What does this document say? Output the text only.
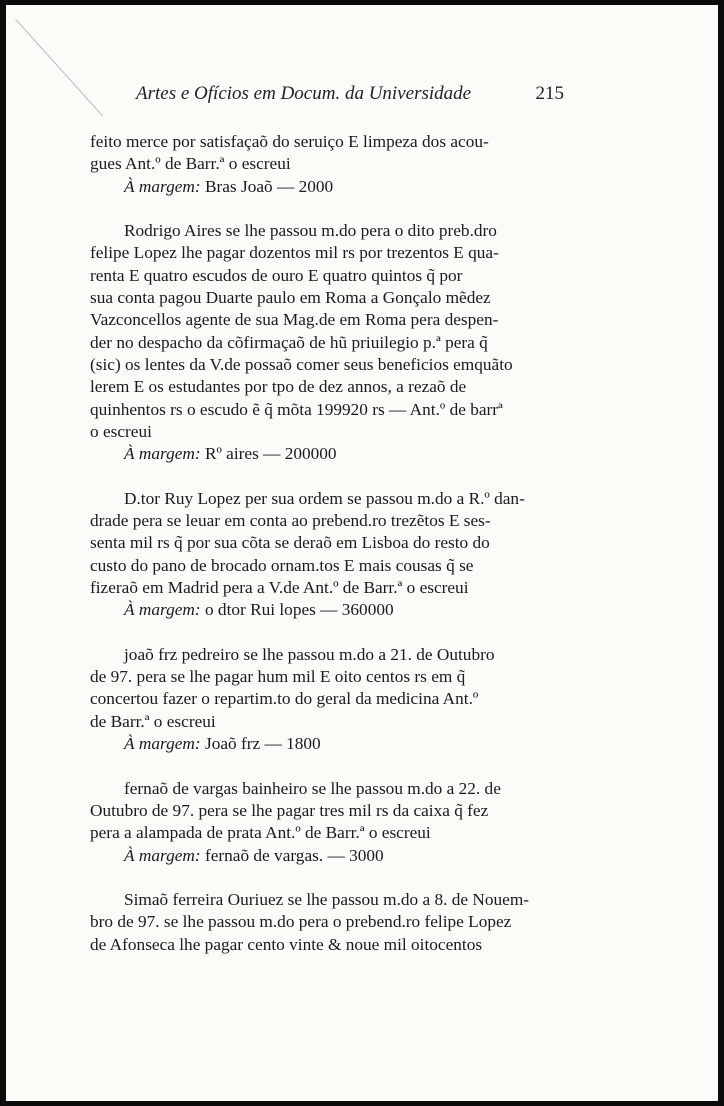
Artes e Ofícios em Docum. da Universidade	215
feito merce por satisfaçaõ do seruiço E limpeza dos acou-
gues Ant.º de Barr.ª o escreui
À margem: Bras Joaõ — 2000
Rodrigo Aires se lhe passou m.do pera o dito preb.dro
felipe Lopez lhe pagar dozentos mil rs por trezentos E qua-
renta E quatro escudos de ouro E quatro quintos q̃ por
sua conta pagou Duarte paulo em Roma a Gonçalo mẽdez
Vazconcellos agente de sua Mag.de em Roma pera despen-
der no despacho da cõfirmaçaõ de hũ priuilegio p.ª pera q̃
(sic) os lentes da V.de possaõ comer seus beneficios emquãto
lerem E os estudantes por tpo de dez annos, a rezaõ de
quinhentos rs o escudo ẽ q̃ mõta 199920 rs — Ant.º de barrª
o escreui
À margem: Rº aires — 200000
D.tor Ruy Lopez per sua ordem se passou m.do a R.º dan-
drade pera se leuar em conta ao prebend.ro trezẽtos E ses-
senta mil rs q̃ por sua cõta se deraõ em Lisboa do resto do
custo do pano de brocado ornam.tos E mais cousas q̃ se
fizeraõ em Madrid pera a V.de Ant.º de Barr.ª o escreui
À margem: o dtor Rui lopes — 360000
joaõ frz pedreiro se lhe passou m.do a 21. de Outubro
de 97. pera se lhe pagar hum mil E oito centos rs em q̃
concertou fazer o repartim.to do geral da medicina Ant.º
de Barr.ª o escreui
À margem: Joaõ frz — 1800
fernaõ de vargas bainheiro se lhe passou m.do a 22. de
Outubro de 97. pera se lhe pagar tres mil rs da caixa q̃ fez
pera a alampada de prata Ant.º de Barr.ª o escreui
À margem: fernaõ de vargas. — 3000
Simaõ ferreira Ouriuez se lhe passou m.do a 8. de Nouem-
bro de 97. se lhe passou m.do pera o prebend.ro felipe Lopez
de Afonseca lhe pagar cento vinte & noue mil oitocentos
